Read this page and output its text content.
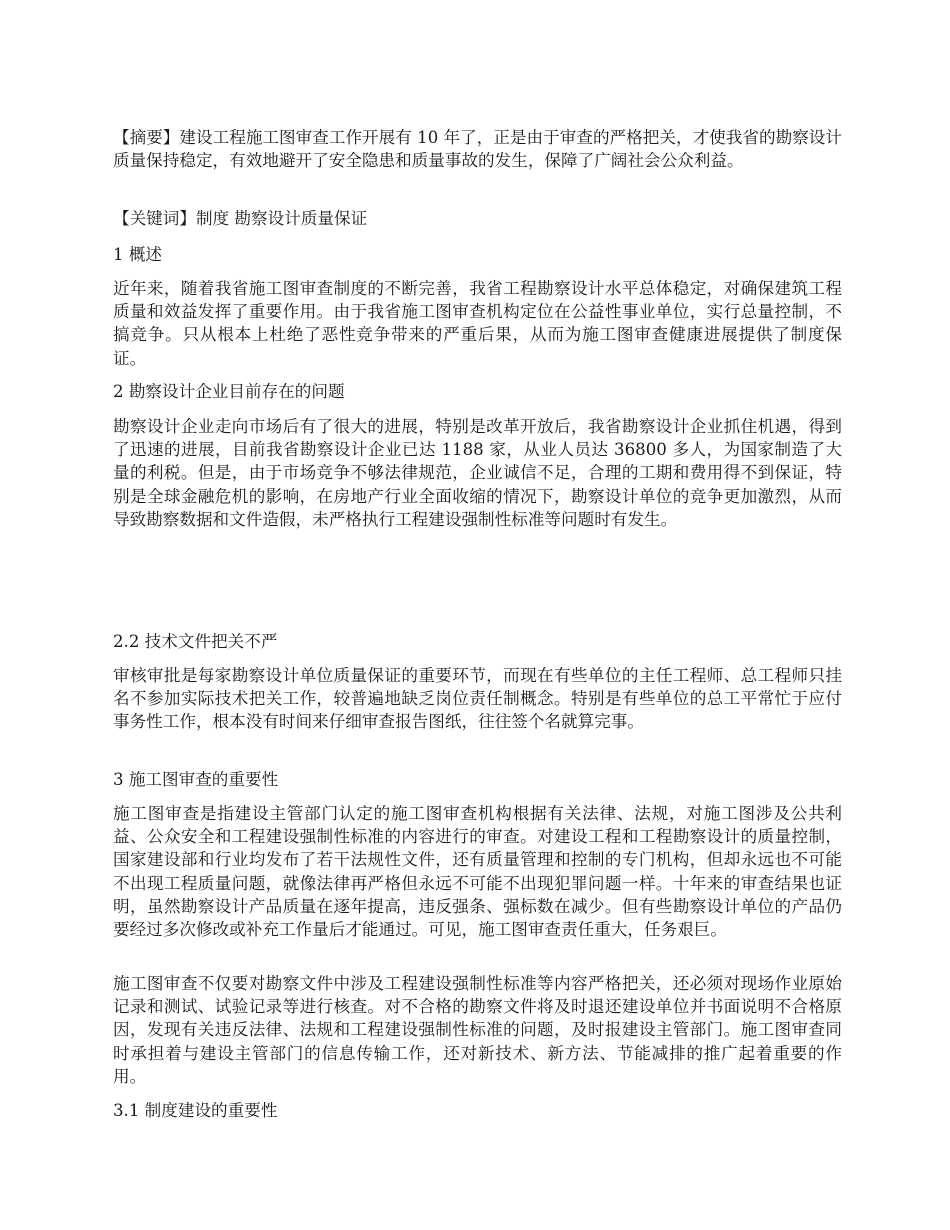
【摘要】建设工程施工图审查工作开展有 10 年了，正是由于审查的严格把关，才使我省的勘察设计质量保持稳定，有效地避开了安全隐患和质量事故的发生，保障了广阔社会公众利益。

【关键词】制度 勘察设计质量保证

1 概述

近年来，随着我省施工图审查制度的不断完善，我省工程勘察设计水平总体稳定，对确保建筑工程质量和效益发挥了重要作用。由于我省施工图审查机构定位在公益性事业单位，实行总量控制，不搞竞争。只从根本上杜绝了恶性竞争带来的严重后果，从而为施工图审查健康进展提供了制度保证。

2 勘察设计企业目前存在的问题

勘察设计企业走向市场后有了很大的进展，特别是改革开放后，我省勘察设计企业抓住机遇，得到了迅速的进展，目前我省勘察设计企业已达 1188 家，从业人员达 36800 多人，为国家制造了大量的利税。但是，由于市场竞争不够法律规范，企业诚信不足，合理的工期和费用得不到保证，特别是全球金融危机的影响，在房地产行业全面收缩的情况下，勘察设计单位的竞争更加激烈，从而导致勘察数据和文件造假，未严格执行工程建设强制性标准等问题时有发生。

2.2 技术文件把关不严

审核审批是每家勘察设计单位质量保证的重要环节，而现在有些单位的主任工程师、总工程师只挂名不参加实际技术把关工作，较普遍地缺乏岗位责任制概念。特别是有些单位的总工平常忙于应付事务性工作，根本没有时间来仔细审查报告图纸，往往签个名就算完事。

3 施工图审查的重要性

施工图审查是指建设主管部门认定的施工图审查机构根据有关法律、法规，对施工图涉及公共利益、公众安全和工程建设强制性标准的内容进行的审查。对建设工程和工程勘察设计的质量控制，国家建设部和行业均发布了若干法规性文件，还有质量管理和控制的专门机构，但却永远也不可能不出现工程质量问题，就像法律再严格但永远不可能不出现犯罪问题一样。十年来的审查结果也证明，虽然勘察设计产品质量在逐年提高，违反强条、强标数在减少。但有些勘察设计单位的产品仍要经过多次修改或补充工作量后才能通过。可见，施工图审查责任重大，任务艰巨。

施工图审查不仅要对勘察文件中涉及工程建设强制性标准等内容严格把关，还必须对现场作业原始记录和测试、试验记录等进行核查。对不合格的勘察文件将及时退还建设单位并书面说明不合格原因，发现有关违反法律、法规和工程建设强制性标准的问题，及时报建设主管部门。施工图审查同时承担着与建设主管部门的信息传输工作，还对新技术、新方法、节能减排的推广起着重要的作用。

3.1 制度建设的重要性
